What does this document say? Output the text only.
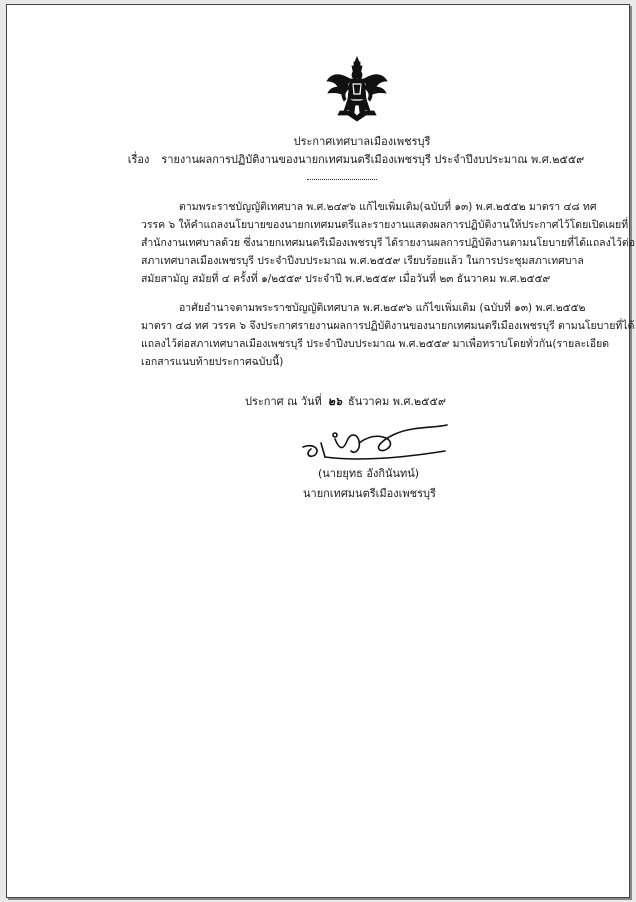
ประกาศเทศบาลเมืองเพชรบุรี
เรื่อง รายงานผลการปฏิบัติงานของนายกเทศมนตรีเมืองเพชรบุรี ประจำปีงบประมาณ พ.ศ.๒๕๕๙
ตามพระราชบัญญัติเทศบาล พ.ศ.๒๔๙๖ แก้ไขเพิ่มเติม(ฉบับที่ ๑๓) พ.ศ.๒๕๕๒ มาตรา ๔๘ ทศ
วรรค ๖ ให้คำแถลงนโยบายของนายกเทศมนตรีและรายงานแสดงผลการปฏิบัติงานให้ประกาศไว้โดยเปิดเผยที่
สำนักงานเทศบาลด้วย ซึ่งนายกเทศมนตรีเมืองเพชรบุรี ได้รายงานผลการปฏิบัติงานตามนโยบายที่ได้แถลงไว้ต่อ
สภาเทศบาลเมืองเพชรบุรี ประจำปีงบประมาณ พ.ศ.๒๕๕๙ เรียบร้อยแล้ว ในการประชุมสภาเทศบาล
สมัยสามัญ สมัยที่ ๔ ครั้งที่ ๑/๒๕๕๙ ประจำปี พ.ศ.๒๕๕๙ เมื่อวันที่ ๒๓ ธันวาคม พ.ศ.๒๕๕๙
อาศัยอำนาจตามพระราชบัญญัติเทศบาล พ.ศ.๒๔๙๖ แก้ไขเพิ่มเติม (ฉบับที่ ๑๓) พ.ศ.๒๕๕๒
มาตรา ๔๘ ทศ วรรค ๖ จึงประกาศรายงานผลการปฏิบัติงานของนายกเทศมนตรีเมืองเพชรบุรี ตามนโยบายที่ได้
แถลงไว้ต่อสภาเทศบาลเมืองเพชรบุรี ประจำปีงบประมาณ พ.ศ.๒๕๕๙ มาเพื่อทราบโดยทั่วกัน(รายละเอียด
เอกสารแนบท้ายประกาศฉบับนี้)
ประกาศ ณ วันที่ ๒๖ ธันวาคม พ.ศ.๒๕๕๙
(นายยุทธ อังกินันทน์)
นายกเทศมนตรีเมืองเพชรบุรี
